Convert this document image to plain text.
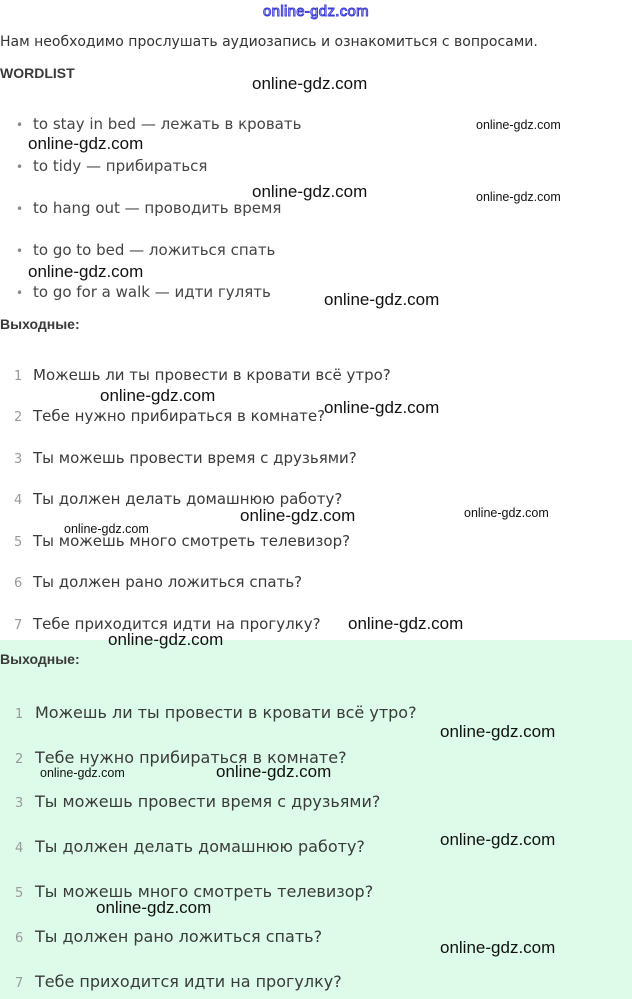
online-gdz.com
Нам необходимо прослушать аудиозапись и ознакомиться с вопросами.
WORDLIST
• to stay in bed — лежать в кровать
• to tidy — прибираться
• to hang out — проводить время
• to go to bed — ложиться спать
• to go for a walk — идти гулять
Выходные:
1 Можешь ли ты провести в кровати всё утро?
2 Тебе нужно прибираться в комнате?
3 Ты можешь провести время с друзьями?
4 Ты должен делать домашнюю работу?
5 Ты можешь много смотреть телевизор?
6 Ты должен рано ложиться спать?
7 Тебе приходится идти на прогулку?
Выходные:
1 Можешь ли ты провести в кровати всё утро?
2 Тебе нужно прибираться в комнате?
3 Ты можешь провести время с друзьями?
4 Ты должен делать домашнюю работу?
5 Ты можешь много смотреть телевизор?
6 Ты должен рано ложиться спать?
7 Тебе приходится идти на прогулку?
online-gdz.com
online-gdz.com
online-gdz.com
online-gdz.com	online-gdz.com
online-gdz.com
online-gdz.com
online-gdz.com
online-gdz.com
online-gdz.com	online-gdz.com
online-gdz.com
online-gdz.com
online-gdz.com
online-gdz.com
online-gdz.com	online-gdz.com
online-gdz.com
online-gdz.com
online-gdz.com
